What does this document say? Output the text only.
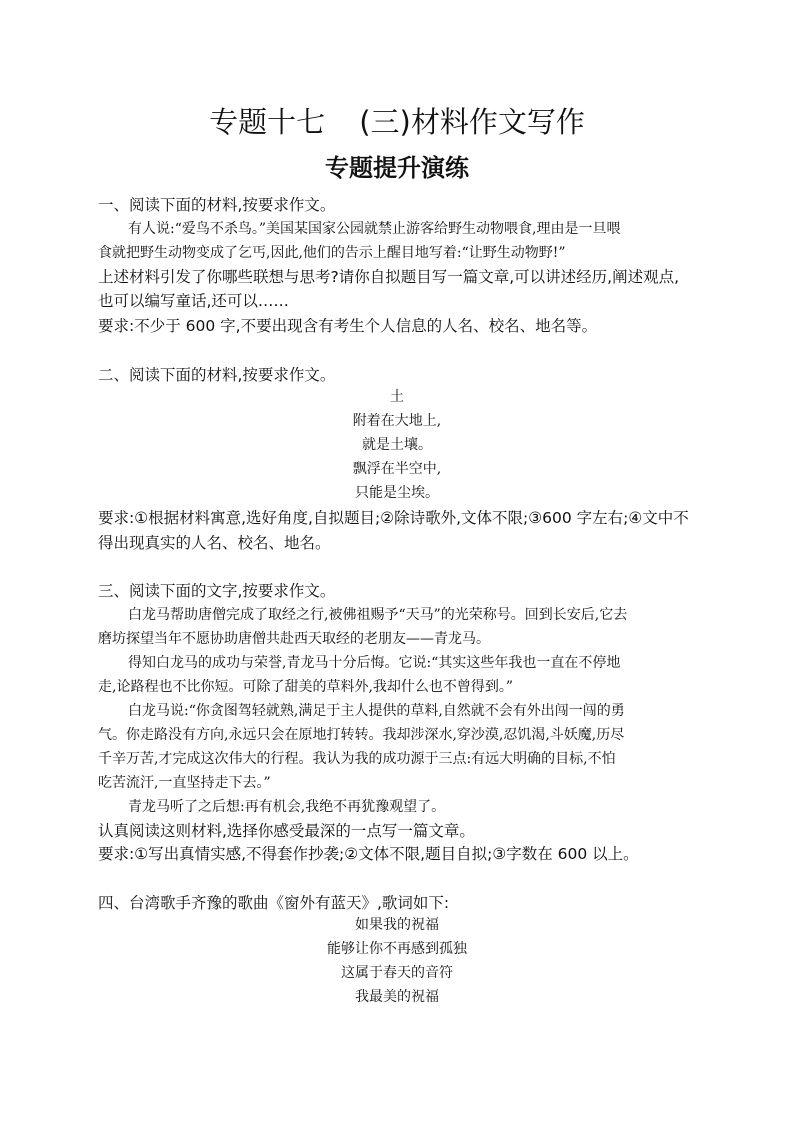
专题十七 (三)材料作文写作
专题提升演练
一、阅读下面的材料,按要求作文。
有人说:“爱鸟不杀鸟。”美国某国家公园就禁止游客给野生动物喂食,理由是一旦喂
食就把野生动物变成了乞丐,因此,他们的告示上醒目地写着:“让野生动物野!”
上述材料引发了你哪些联想与思考?请你自拟题目写一篇文章,可以讲述经历,阐述观点,
也可以编写童话,还可以……
要求:不少于 600 字,不要出现含有考生个人信息的人名、校名、地名等。
二、阅读下面的材料,按要求作文。
土
附着在大地上,
就是土壤。
飘浮在半空中,
只能是尘埃。
要求:①根据材料寓意,选好角度,自拟题目;②除诗歌外,文体不限;③600 字左右;④文中不
得出现真实的人名、校名、地名。
三、阅读下面的文字,按要求作文。
白龙马帮助唐僧完成了取经之行,被佛祖赐予“天马”的光荣称号。回到长安后,它去
磨坊探望当年不愿协助唐僧共赴西天取经的老朋友——青龙马。
得知白龙马的成功与荣誉,青龙马十分后悔。它说:“其实这些年我也一直在不停地
走,论路程也不比你短。可除了甜美的草料外,我却什么也不曾得到。”
白龙马说:“你贪图驾轻就熟,满足于主人提供的草料,自然就不会有外出闯一闯的勇
气。你走路没有方向,永远只会在原地打转转。我却涉深水,穿沙漠,忍饥渴,斗妖魔,历尽
千辛万苦,才完成这次伟大的行程。我认为我的成功源于三点:有远大明确的目标,不怕
吃苦流汗,一直坚持走下去。”
青龙马听了之后想:再有机会,我绝不再犹豫观望了。
认真阅读这则材料,选择你感受最深的一点写一篇文章。
要求:①写出真情实感,不得套作抄袭;②文体不限,题目自拟;③字数在 600 以上。
四、台湾歌手齐豫的歌曲《窗外有蓝天》,歌词如下:
如果我的祝福
能够让你不再感到孤独
这属于春天的音符
我最美的祝福
